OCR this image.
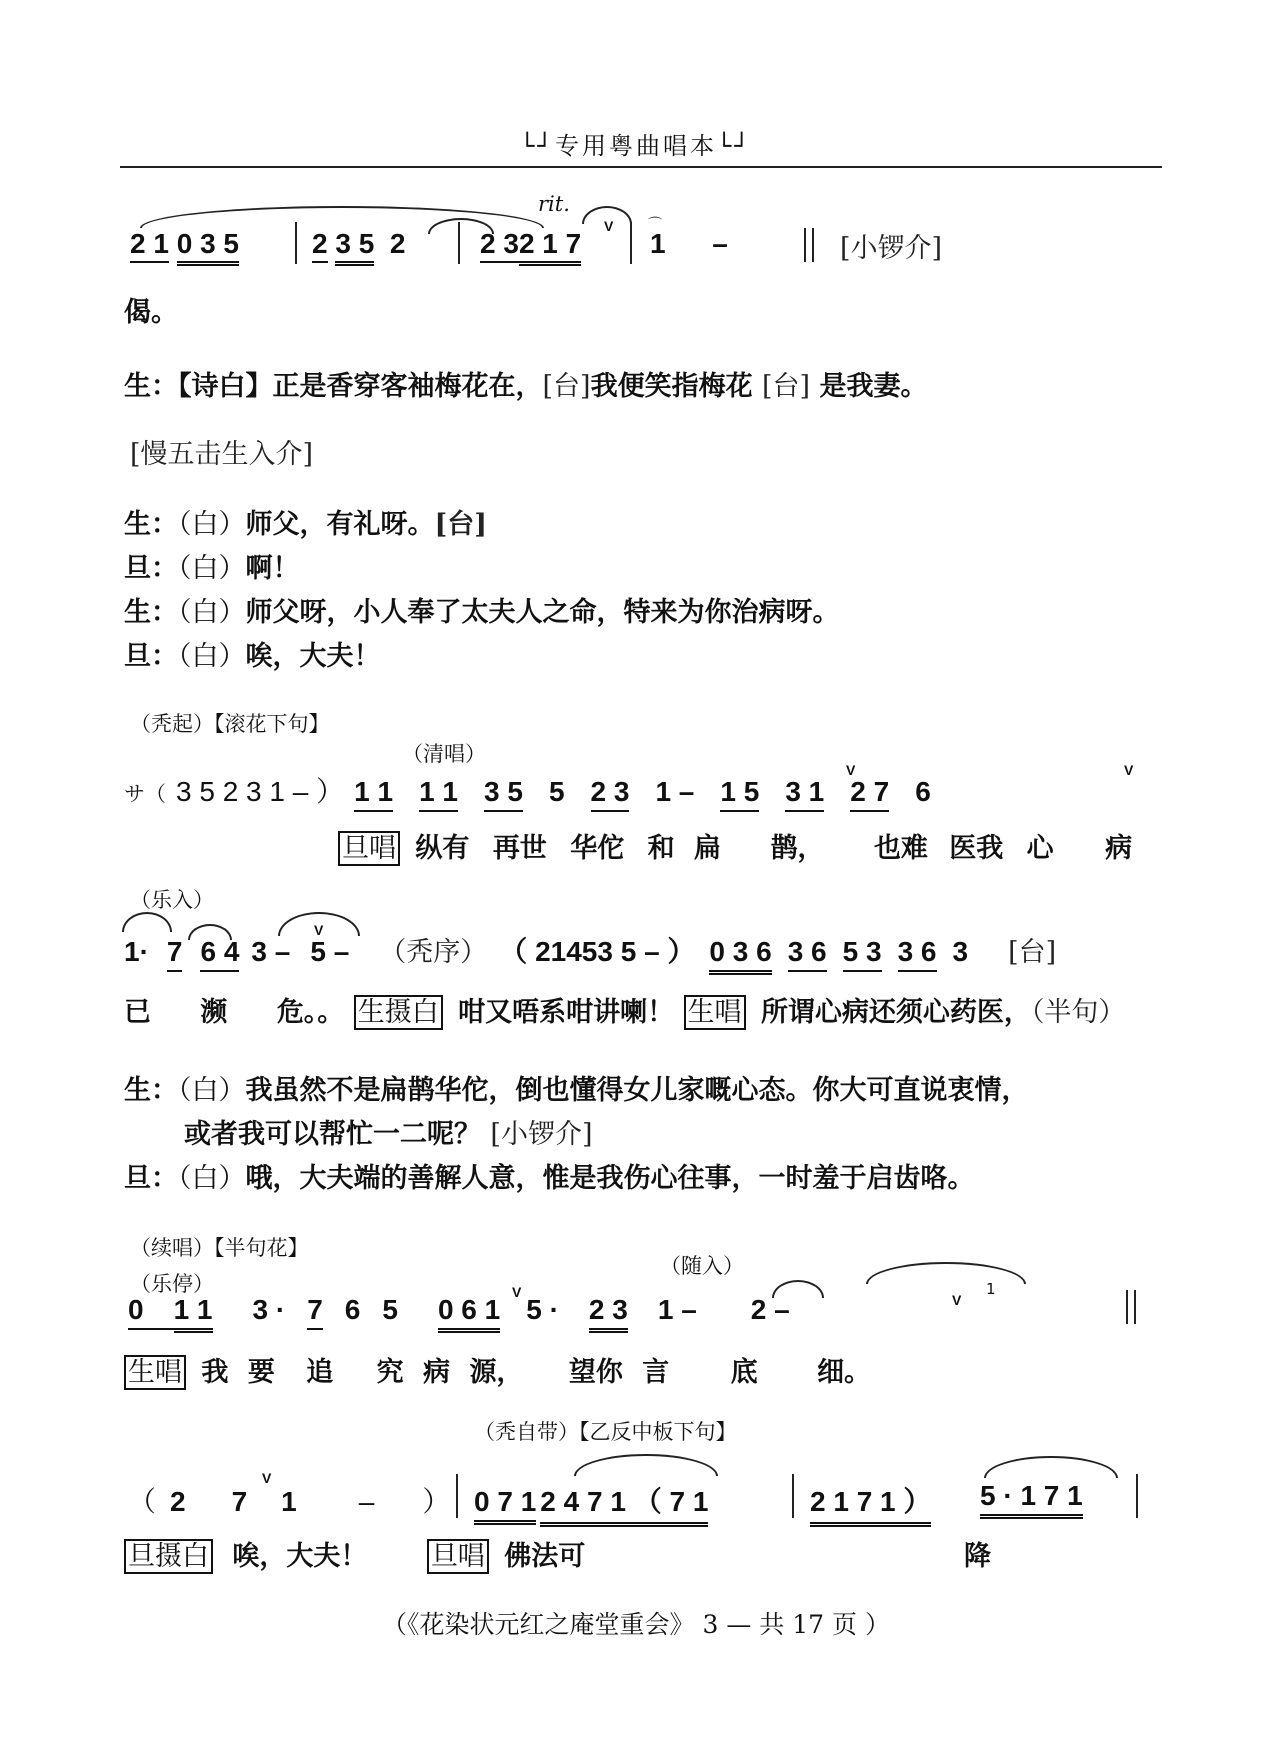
└┘专用粤曲唱本└┘
rit.
2 1 0 3 5	2 3 5  2	2 32 1 7
V ⌒
1      –	[小锣介]
偈。
生：【诗白】正是香穿客袖梅花在，[台]我便笑指梅花 [台] 是我妻。
[慢五击生入介]
生：（白）师父，有礼呀。[台]
旦：（白）啊！
生：（白）师父呀，小人奉了太夫人之命，特来为你治病呀。
旦：（白）唉，大夫！
（秃起）【滚花下句】
（清唱）
サ（ 3 5 2 3 1 – ） 1 1 1 1 3 5 5 2 3 1 – 1 5 3 1 2 7 6
V	V
旦唱 纵有 再世 华佗 和 扁 鹊， 也难 医我 心 病
（乐入）
1· 7 6 4 3 – 5 – （秃序） （ 21453 5 – ） 0 3 6 3 6 5 3 3 6 3 [台]
V
已 濒 危。。 生摄白 咁又唔系咁讲喇！ 生唱 所谓心病还须心药医，（半句）
生：（白）我虽然不是扁鹊华佗，倒也懂得女儿家嘅心态。你大可直说衷情，
或者我可以帮忙一二呢？ [小锣介]
旦：（白）哦，大夫端的善解人意，惟是我伤心往事，一时羞于启齿咯。
（续唱）【半句花】
（乐停）
（随入）
0	1 1 3 · 7 6 5 0 6 1 5 · 2 3 1 – 2 –
V	V
1
生唱 我 要 追 究 病 源， 望你 言 底 细。
（秃自带）【乙反中板下句】
（ 2 7 1 – ）
V
0 7 1 2 4 7 1 （ 7 1	2 1 7 1 ） 5 · 1 7 1
旦摄白 唉，大夫！ 旦唱 佛法可	降
（《花染状元红之庵堂重会》 3 — 共 17 页 ）
